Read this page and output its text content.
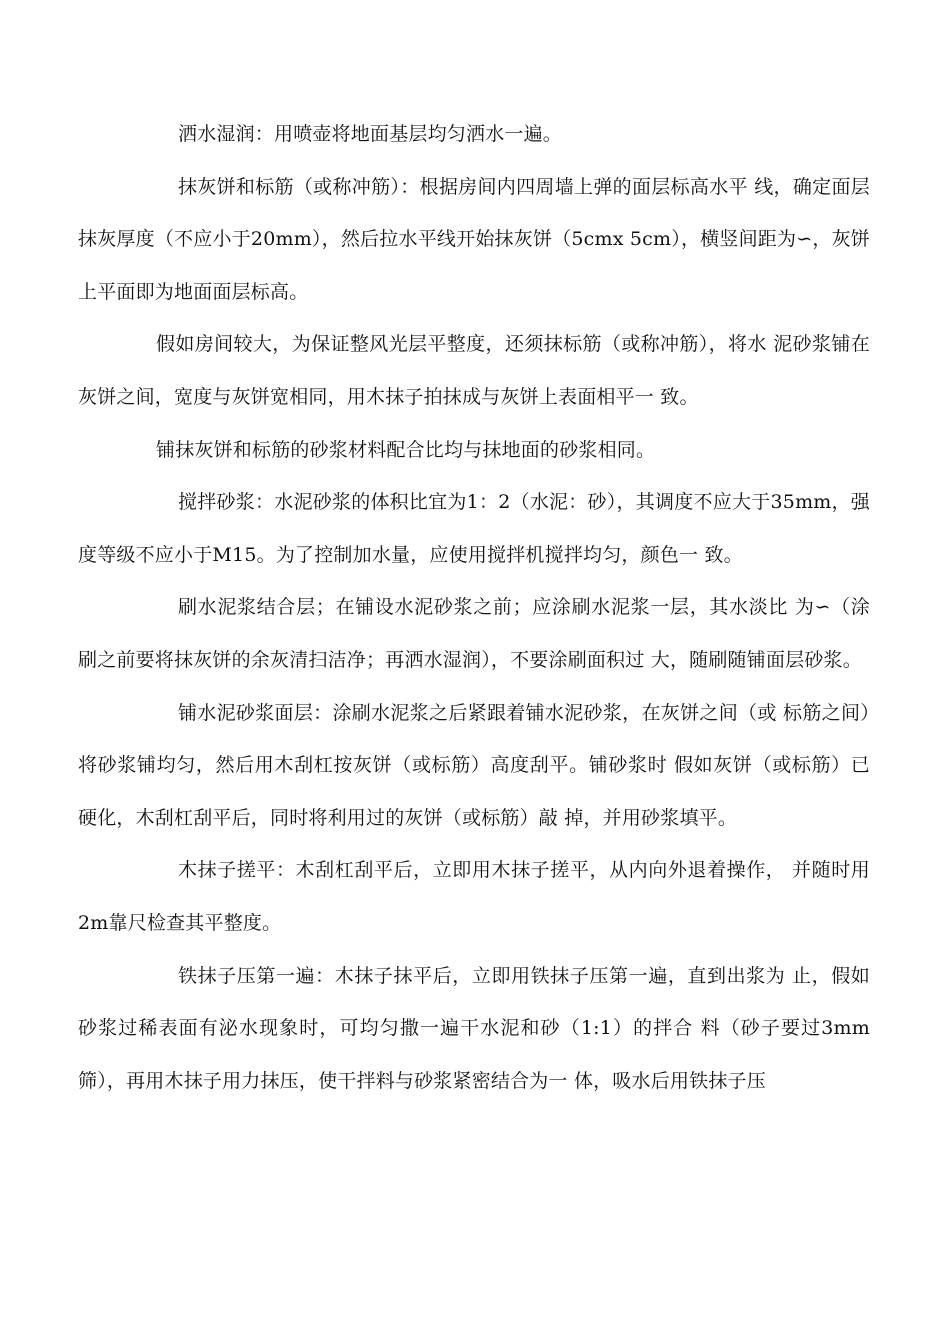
洒水湿润：用喷壶将地面基层均匀洒水一遍。

抹灰饼和标筋（或称冲筋）：根据房间内四周墙上弹的面层标高水平 线，确定面层抹灰厚度（不应小于20mm），然后拉水平线开始抹灰饼（5cmx 5cm），横竖间距为∽，灰饼上平面即为地面面层标高。

假如房间较大，为保证整风光层平整度，还须抹标筋（或称冲筋），将水 泥砂浆铺在灰饼之间，宽度与灰饼宽相同，用木抹子拍抹成与灰饼上表面相平一 致。

铺抹灰饼和标筋的砂浆材料配合比均与抹地面的砂浆相同。

搅拌砂浆：水泥砂浆的体积比宜为1：2（水泥：砂），其调度不应大于35mm，强度等级不应小于M15。为了控制加水量，应使用搅拌机搅拌均匀，颜色一 致。

刷水泥浆结合层；在铺设水泥砂浆之前；应涂刷水泥浆一层，其水淡比 为∽（涂刷之前要将抹灰饼的余灰清扫洁净；再洒水湿润），不要涂刷面积过 大，随刷随铺面层砂浆。

铺水泥砂浆面层：涂刷水泥浆之后紧跟着铺水泥砂浆，在灰饼之间（或 标筋之间）将砂浆铺均匀，然后用木刮杠按灰饼（或标筋）高度刮平。铺砂浆时 假如灰饼（或标筋）已硬化，木刮杠刮平后，同时将利用过的灰饼（或标筋）敲 掉，并用砂浆填平。

木抹子搓平：木刮杠刮平后，立即用木抹子搓平，从内向外退着操作， 并随时用2m靠尺检查其平整度。

铁抹子压第一遍：木抹子抹平后，立即用铁抹子压第一遍，直到出浆为 止，假如砂浆过稀表面有泌水现象时，可均匀撒一遍干水泥和砂（1:1）的拌合 料（砂子要过3mm筛），再用木抹子用力抹压，使干拌料与砂浆紧密结合为一 体，吸水后用铁抹子压
